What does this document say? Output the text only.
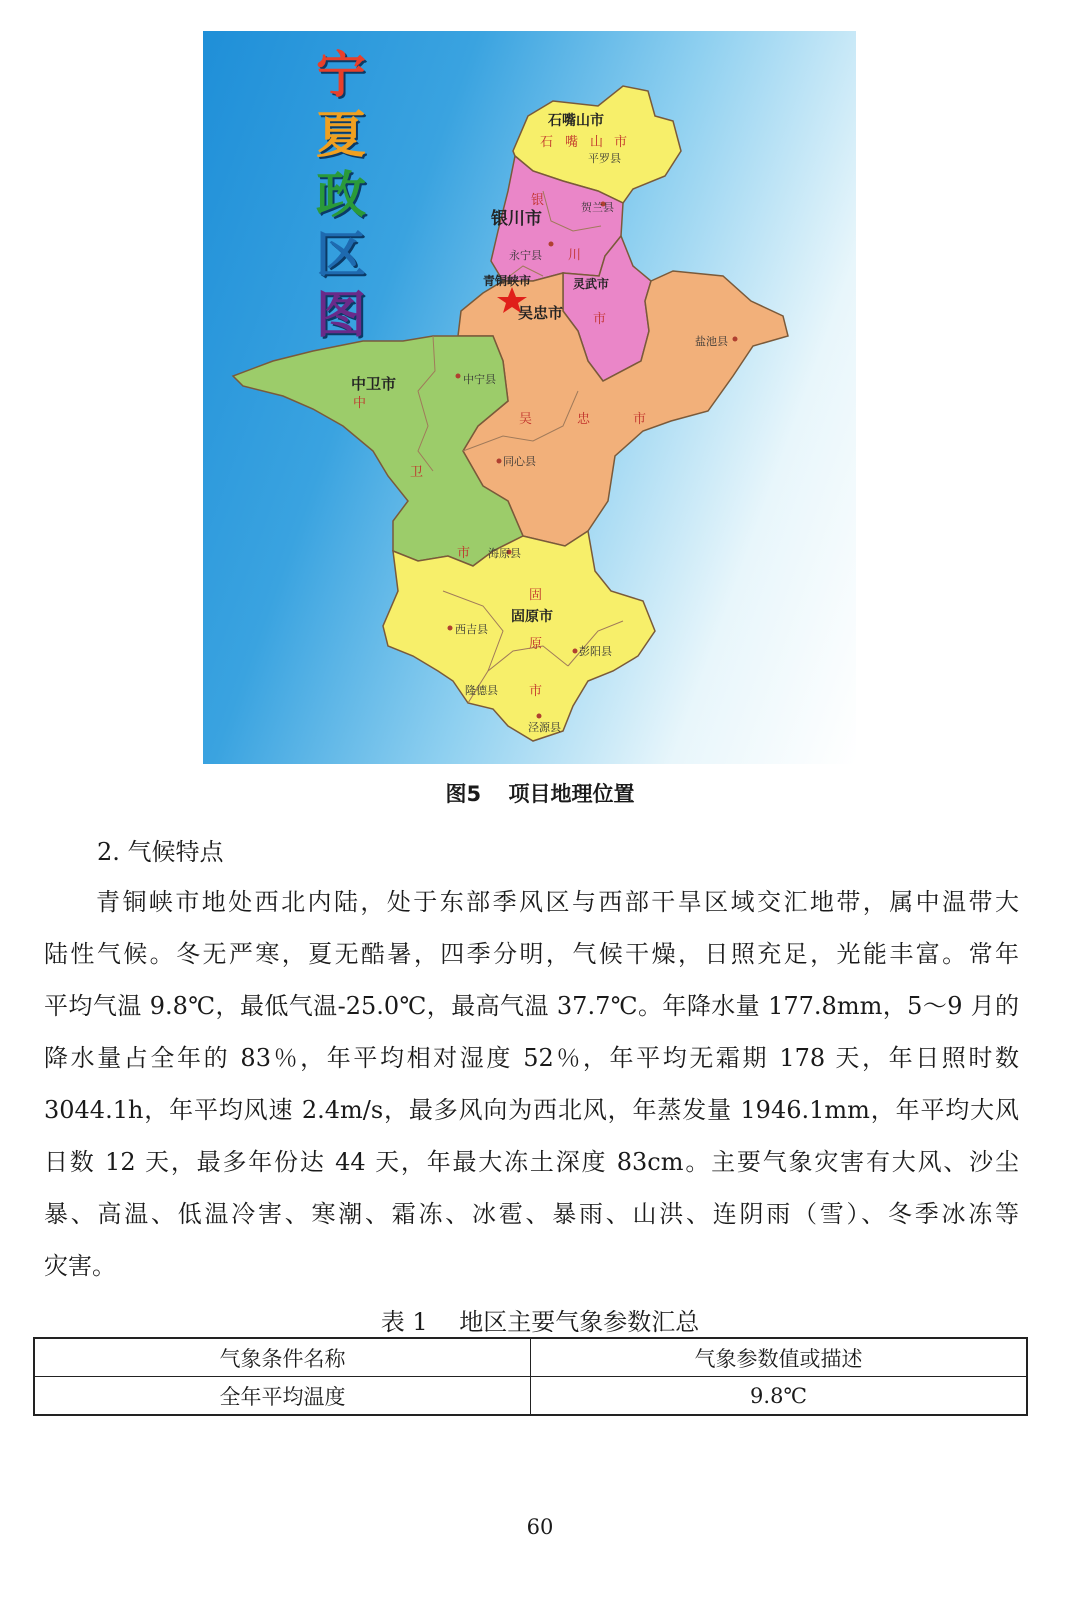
石嘴山市
银川市
青铜峡市
吴忠市
灵武市
中卫市
固原市
平罗县
贺兰县
永宁县
盐池县
中宁县
同心县
海原县
西吉县
彭阳县
隆德县
泾源县
石 嘴 山 市
银
川
市
吴	忠	市
中
卫
市
固
原
市
宁
夏
政
区
图
图5 项目地理位置
2. 气候特点
青铜峡市地处西北内陆，处于东部季风区与西部干旱区域交汇地带，属中温带大
陆性气候。冬无严寒，夏无酷暑，四季分明，气候干燥，日照充足，光能丰富。常年
平均气温 9.8℃，最低气温-25.0℃，最高气温 37.7℃。年降水量 177.8mm，5～9 月的
降水量占全年的 83％，年平均相对湿度 52％，年平均无霜期 178 天，年日照时数
3044.1h，年平均风速 2.4m/s，最多风向为西北风，年蒸发量 1946.1mm，年平均大风
日数 12 天，最多年份达 44 天，年最大冻土深度 83cm。主要气象灾害有大风、沙尘
暴、高温、低温冷害、寒潮、霜冻、冰雹、暴雨、山洪、连阴雨（雪）、冬季冰冻等
灾害。
表 1 地区主要气象参数汇总
气象条件名称	气象参数值或描述
全年平均温度	9.8℃
60
